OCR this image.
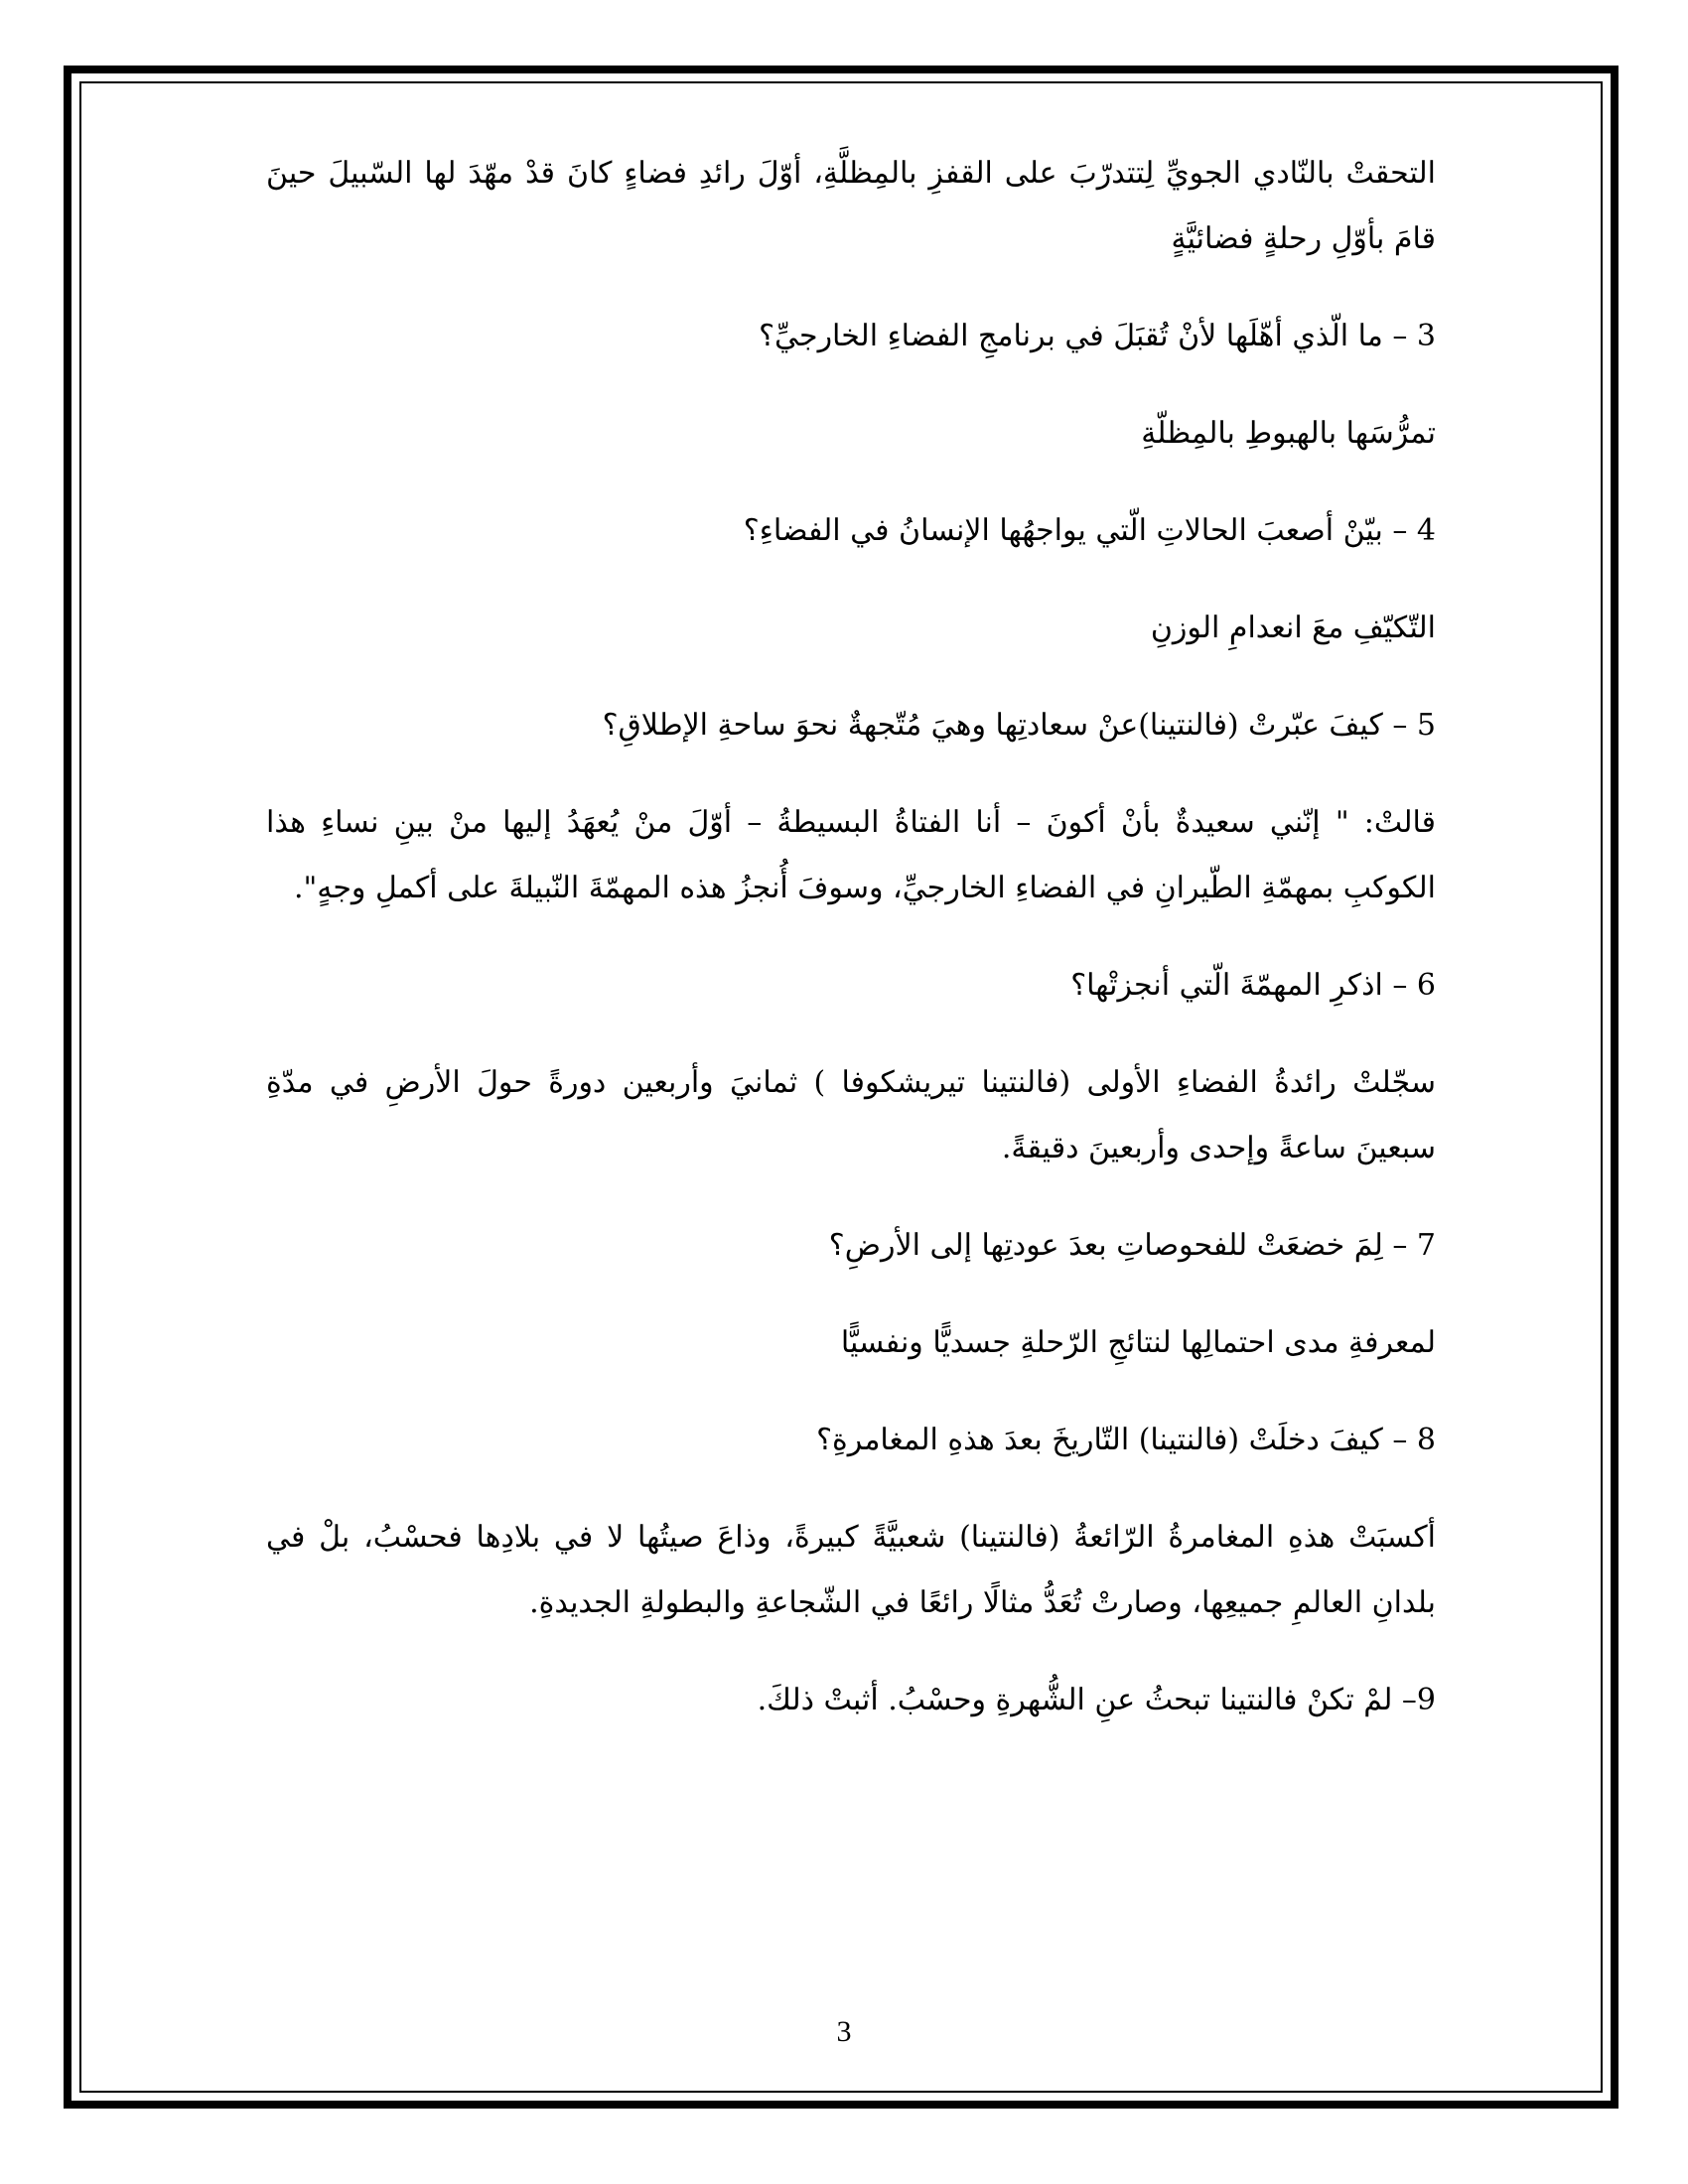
التحقتْ بالنّادي الجويِّ لِتتدرّبَ على القفزِ بالمِظلَّةِ، أوّلَ رائدِ فضاءٍ كانَ قدْ مهّدَ لها السّبيلَ حينَ قامَ بأوّلِ رحلةٍ فضائيَّةٍ

3 – ما الّذي أهّلَها لأنْ تُقبَلَ في برنامجِ الفضاءِ الخارجيِّ؟

تمرُّسَها بالهبوطِ بالمِظلّةِ

4 – بيّنْ أصعبَ الحالاتِ الّتي يواجهُها الإنسانُ في الفضاءِ؟

التّكيّفِ معَ انعدامِ الوزنِ

5 – كيفَ عبّرتْ (فالنتينا)عنْ سعادتِها وهيَ مُتّجهةٌ نحوَ ساحةِ الإطلاقِ؟

قالتْ: " إنّني سعيدةٌ بأنْ أكونَ – أنا الفتاةُ البسيطةُ – أوّلَ منْ يُعهَدُ إليها منْ بينِ نساءِ هذا الكوكبِ بمهمّةِ الطّيرانِ في الفضاءِ الخارجيِّ، وسوفَ أُنجزُ هذه المهمّةَ النّبيلةَ على أكملِ وجهٍ".

6 – اذكرِ المهمّةَ الّتي أنجزتْها؟

سجّلتْ رائدةُ الفضاءِ الأولى (فالنتينا تيريشكوفا ) ثمانيَ وأربعين دورةً حولَ الأرضِ في مدّةِ سبعينَ ساعةً وإحدى وأربعينَ دقيقةً.

7 – لِمَ خضعَتْ للفحوصاتِ بعدَ عودتِها إلى الأرضِ؟

لمعرفةِ مدى احتمالِها لنتائجِ الرّحلةِ جسديًّا ونفسيًّا

8 – كيفَ دخلَتْ (فالنتينا) التّاريخَ بعدَ هذهِ المغامرةِ؟

أكسبَتْ هذهِ المغامرةُ الرّائعةُ (فالنتينا) شعبيَّةً كبيرةً، وذاعَ صيتُها لا في بلادِها فحسْبُ، بلْ في بلدانِ العالمِ جميعِها، وصارتْ تُعَدُّ مثالًا رائعًا في الشّجاعةِ والبطولةِ الجديدةِ.

9– لمْ تكنْ فالنتينا تبحثُ عنِ الشُّهرةِ وحسْبُ. أثبتْ ذلكَ.

3
